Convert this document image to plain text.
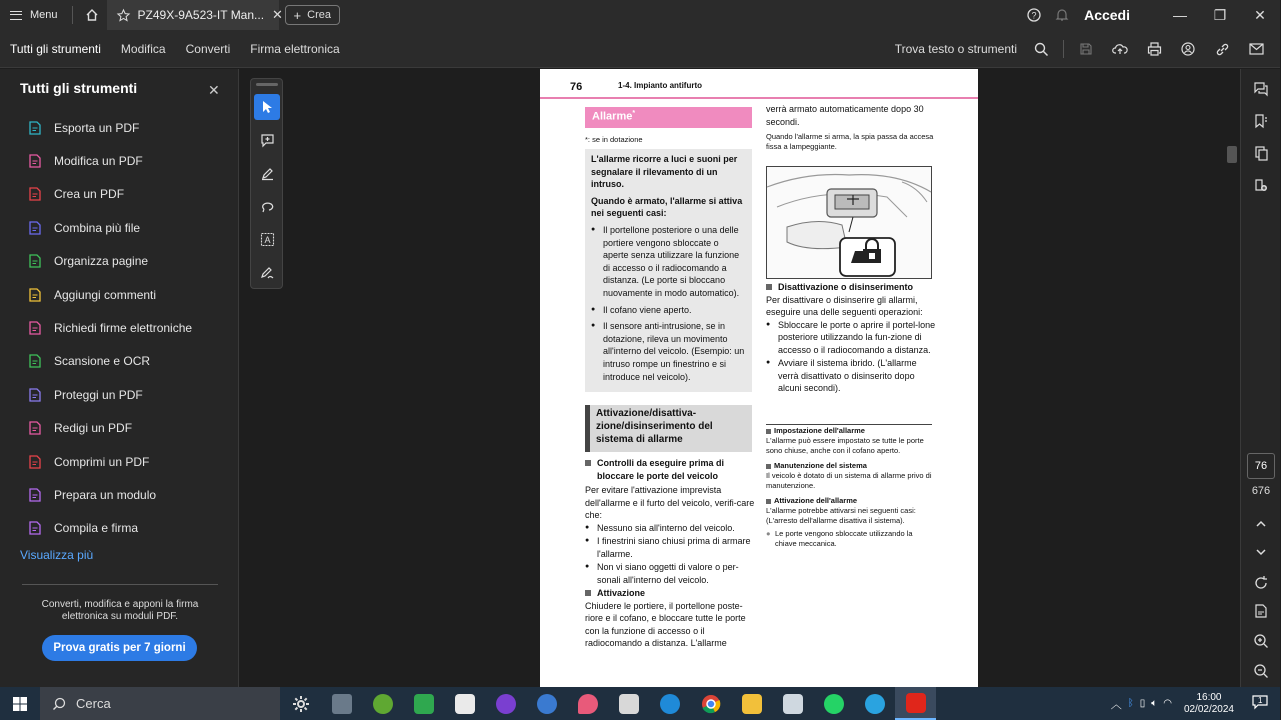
Menu	PZ49X-9A523-IT Man... ✕ + Crea	?	Accedi	—	❐	✕
Tutti gli strumenti	Modifica	Converti	Firma elettronica	Trova testo o strumenti
Tutti gli strumenti	✕
Esporta un PDF
Modifica un PDF
Crea un PDF
Combina più file
Organizza pagine
Aggiungi commenti
Richiedi firme elettroniche
Scansione e OCR
Proteggi un PDF
Redigi un PDF
Comprimi un PDF
Prepara un modulo
Compila e firma
Visualizza più
Converti, modifica e apponi la firma elettronica su moduli PDF.
Prova gratis per 7 giorni
A
76	1-4. Impianto antifurto
Allarme*
*: se in dotazione

L'allarme ricorre a luci e suoni per segnalare il rilevamento di un intruso.

Quando è armato, l'allarme si attiva nei seguenti casi:

● Il portellone posteriore o una delle portiere vengono sbloccate o aperte senza utilizzare la funzione di accesso o il radiocomando a distanza. (Le porte si bloccano nuovamente in modo automatico).
● Il cofano viene aperto.
● Il sensore anti-intrusione, se in dotazione, rileva un movimento all'interno del veicolo. (Esempio: un intruso rompe un finestrino e si introduce nel veicolo).
Attivazione/disattiva-zione/disinserimento del sistema di allarme
Controlli da eseguire prima di bloccare le porte del veicolo
Per evitare l'attivazione imprevista dell'allarme e il furto del veicolo, verifi-care che:
● Nessuno sia all'interno del veicolo.
● I finestrini siano chiusi prima di armare l'allarme.
● Non vi siano oggetti di valore o per-sonali all'interno del veicolo.
Attivazione
Chiudere le portiere, il portellone poste-riore e il cofano, e bloccare tutte le porte con la funzione di accesso o il radiocomando a distanza. L'allarme
verrà armato automaticamente dopo 30 secondi.
Quando l'allarme si arma, la spia passa da accesa fissa a lampeggiante.
Disattivazione o disinserimento
Per disattivare o disinserire gli allarmi, eseguire una delle seguenti operazioni:
● Sbloccare le porte o aprire il portel-lone posteriore utilizzando la fun-zione di accesso o il radiocomando a distanza.
● Avviare il sistema ibrido. (L'allarme verrà disattivato o disinserito dopo alcuni secondi).
Impostazione dell'allarme
L'allarme può essere impostato se tutte le porte sono chiuse, anche con il cofano aperto.
Manutenzione del sistema
Il veicolo è dotato di un sistema di allarme privo di manutenzione.
Attivazione dell'allarme
L'allarme potrebbe attivarsi nei seguenti casi: (L'arresto dell'allarme disattiva il sistema).
● Le porte vengono sbloccate utilizzando la chiave meccanica.
76
676
Cerca	︿ ᛒ ▯ 🔈︎ ◠
16:00
02/02/2024
1
